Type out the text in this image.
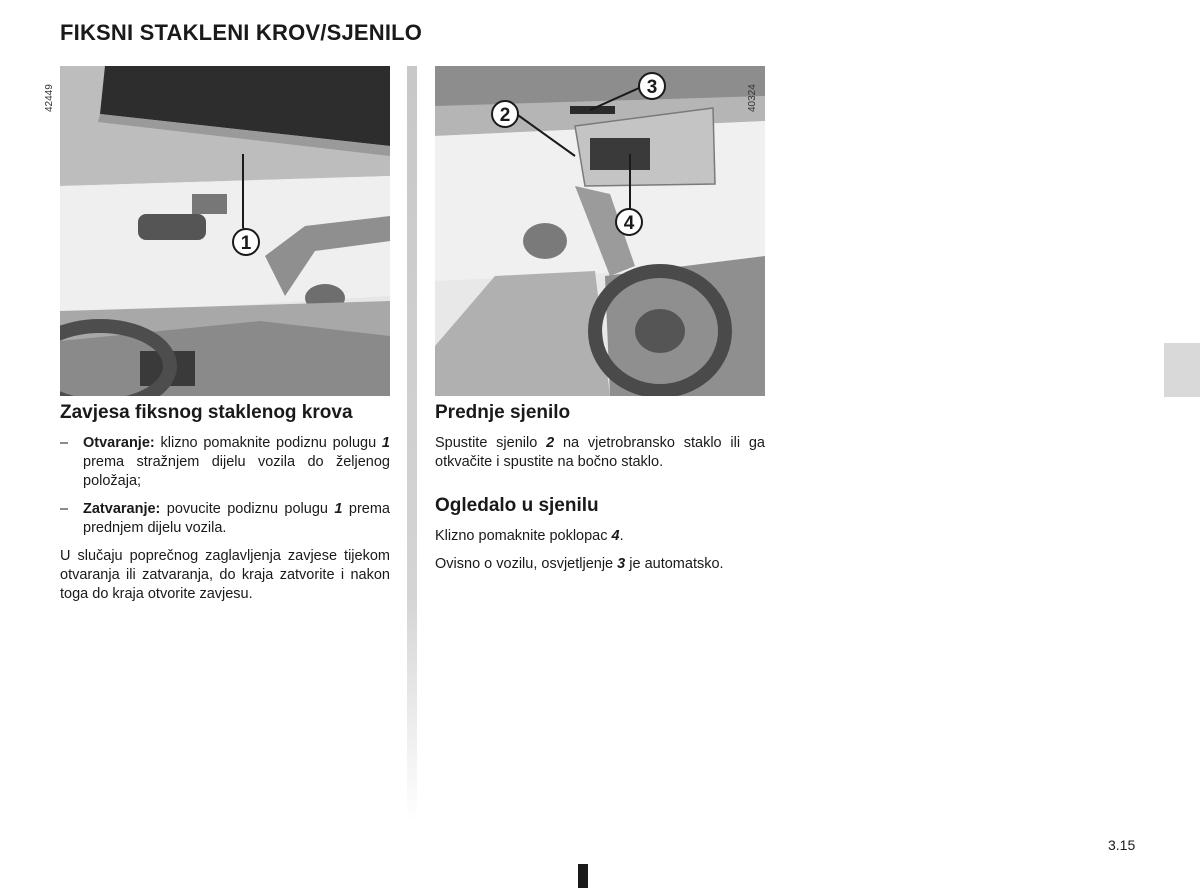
FIKSNI STAKLENI KROV/SJENILO
1
42449
2
3
4
40324
Zavjesa fiksnog staklenog krova
– Otvaranje: klizno pomaknite podiznu polugu 1 prema stražnjem dijelu vozila do željenog položaja;
– Zatvaranje: povucite podiznu polugu 1 prema prednjem dijelu vozila.

U slučaju poprečnog zaglavljenja zavjese tijekom otvaranja ili zatvaranja, do kraja zatvorite i nakon toga do kraja otvorite zavjesu.

Prednje sjenilo

Spustite sjenilo 2 na vjetrobransko staklo ili ga otkvačite i spustite na bočno staklo.

Ogledalo u sjenilu

Klizno pomaknite poklopac 4.

Ovisno o vozilu, osvjetljenje 3 je automatsko.

3.15
